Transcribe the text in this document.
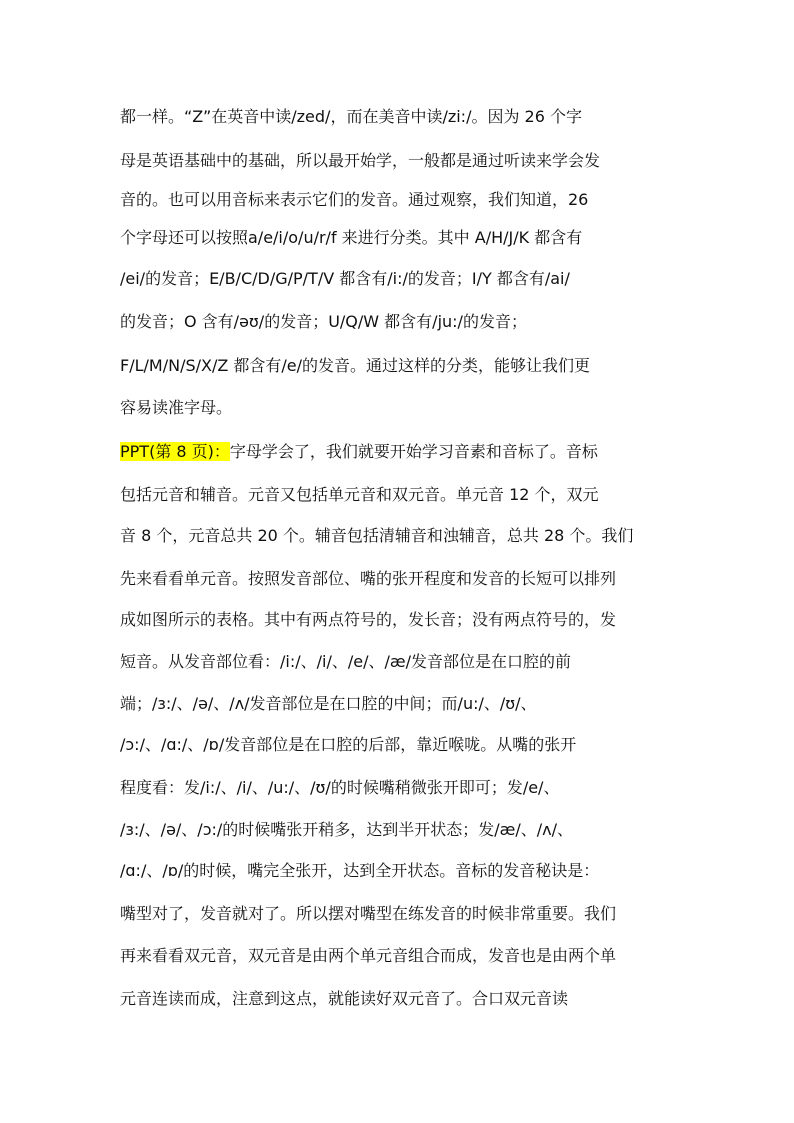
都一样。“Z”在英音中读/zed/，而在美音中读/zi:/。因为 26 个字
母是英语基础中的基础，所以最开始学，一般都是通过听读来学会发
音的。也可以用音标来表示它们的发音。通过观察，我们知道，26
个字母还可以按照a/e/i/o/u/r/f 来进行分类。其中 A/H/J/K 都含有
/ei/的发音；E/B/C/D/G/P/T/V 都含有/i:/的发音；I/Y 都含有/ai/
的发音；O 含有/əʊ/的发音；U/Q/W 都含有/ju:/的发音；
F/L/M/N/S/X/Z 都含有/e/的发音。通过这样的分类，能够让我们更
容易读准字母。
PPT(第 8 页)：字母学会了，我们就要开始学习音素和音标了。音标
包括元音和辅音。元音又包括单元音和双元音。单元音 12 个，双元
音 8 个，元音总共 20 个。辅音包括清辅音和浊辅音，总共 28 个。我们
先来看看单元音。按照发音部位、嘴的张开程度和发音的长短可以排列
成如图所示的表格。其中有两点符号的，发长音；没有两点符号的，发
短音。从发音部位看：/i:/、/i/、/e/、/æ/发音部位是在口腔的前
端；/ɜ:/、/ə/、/ʌ/发音部位是在口腔的中间；而/u:/、/ʊ/、
/ɔ:/、/ɑ:/、/ɒ/发音部位是在口腔的后部，靠近喉咙。从嘴的张开
程度看：发/i:/、/i/、/u:/、/ʊ/的时候嘴稍微张开即可；发/e/、
/ɜ:/、/ə/、/ɔ:/的时候嘴张开稍多，达到半开状态；发/æ/、/ʌ/、
/ɑ:/、/ɒ/的时候，嘴完全张开，达到全开状态。音标的发音秘诀是：
嘴型对了，发音就对了。所以摆对嘴型在练发音的时候非常重要。我们
再来看看双元音，双元音是由两个单元音组合而成，发音也是由两个单
元音连读而成，注意到这点，就能读好双元音了。合口双元音读
